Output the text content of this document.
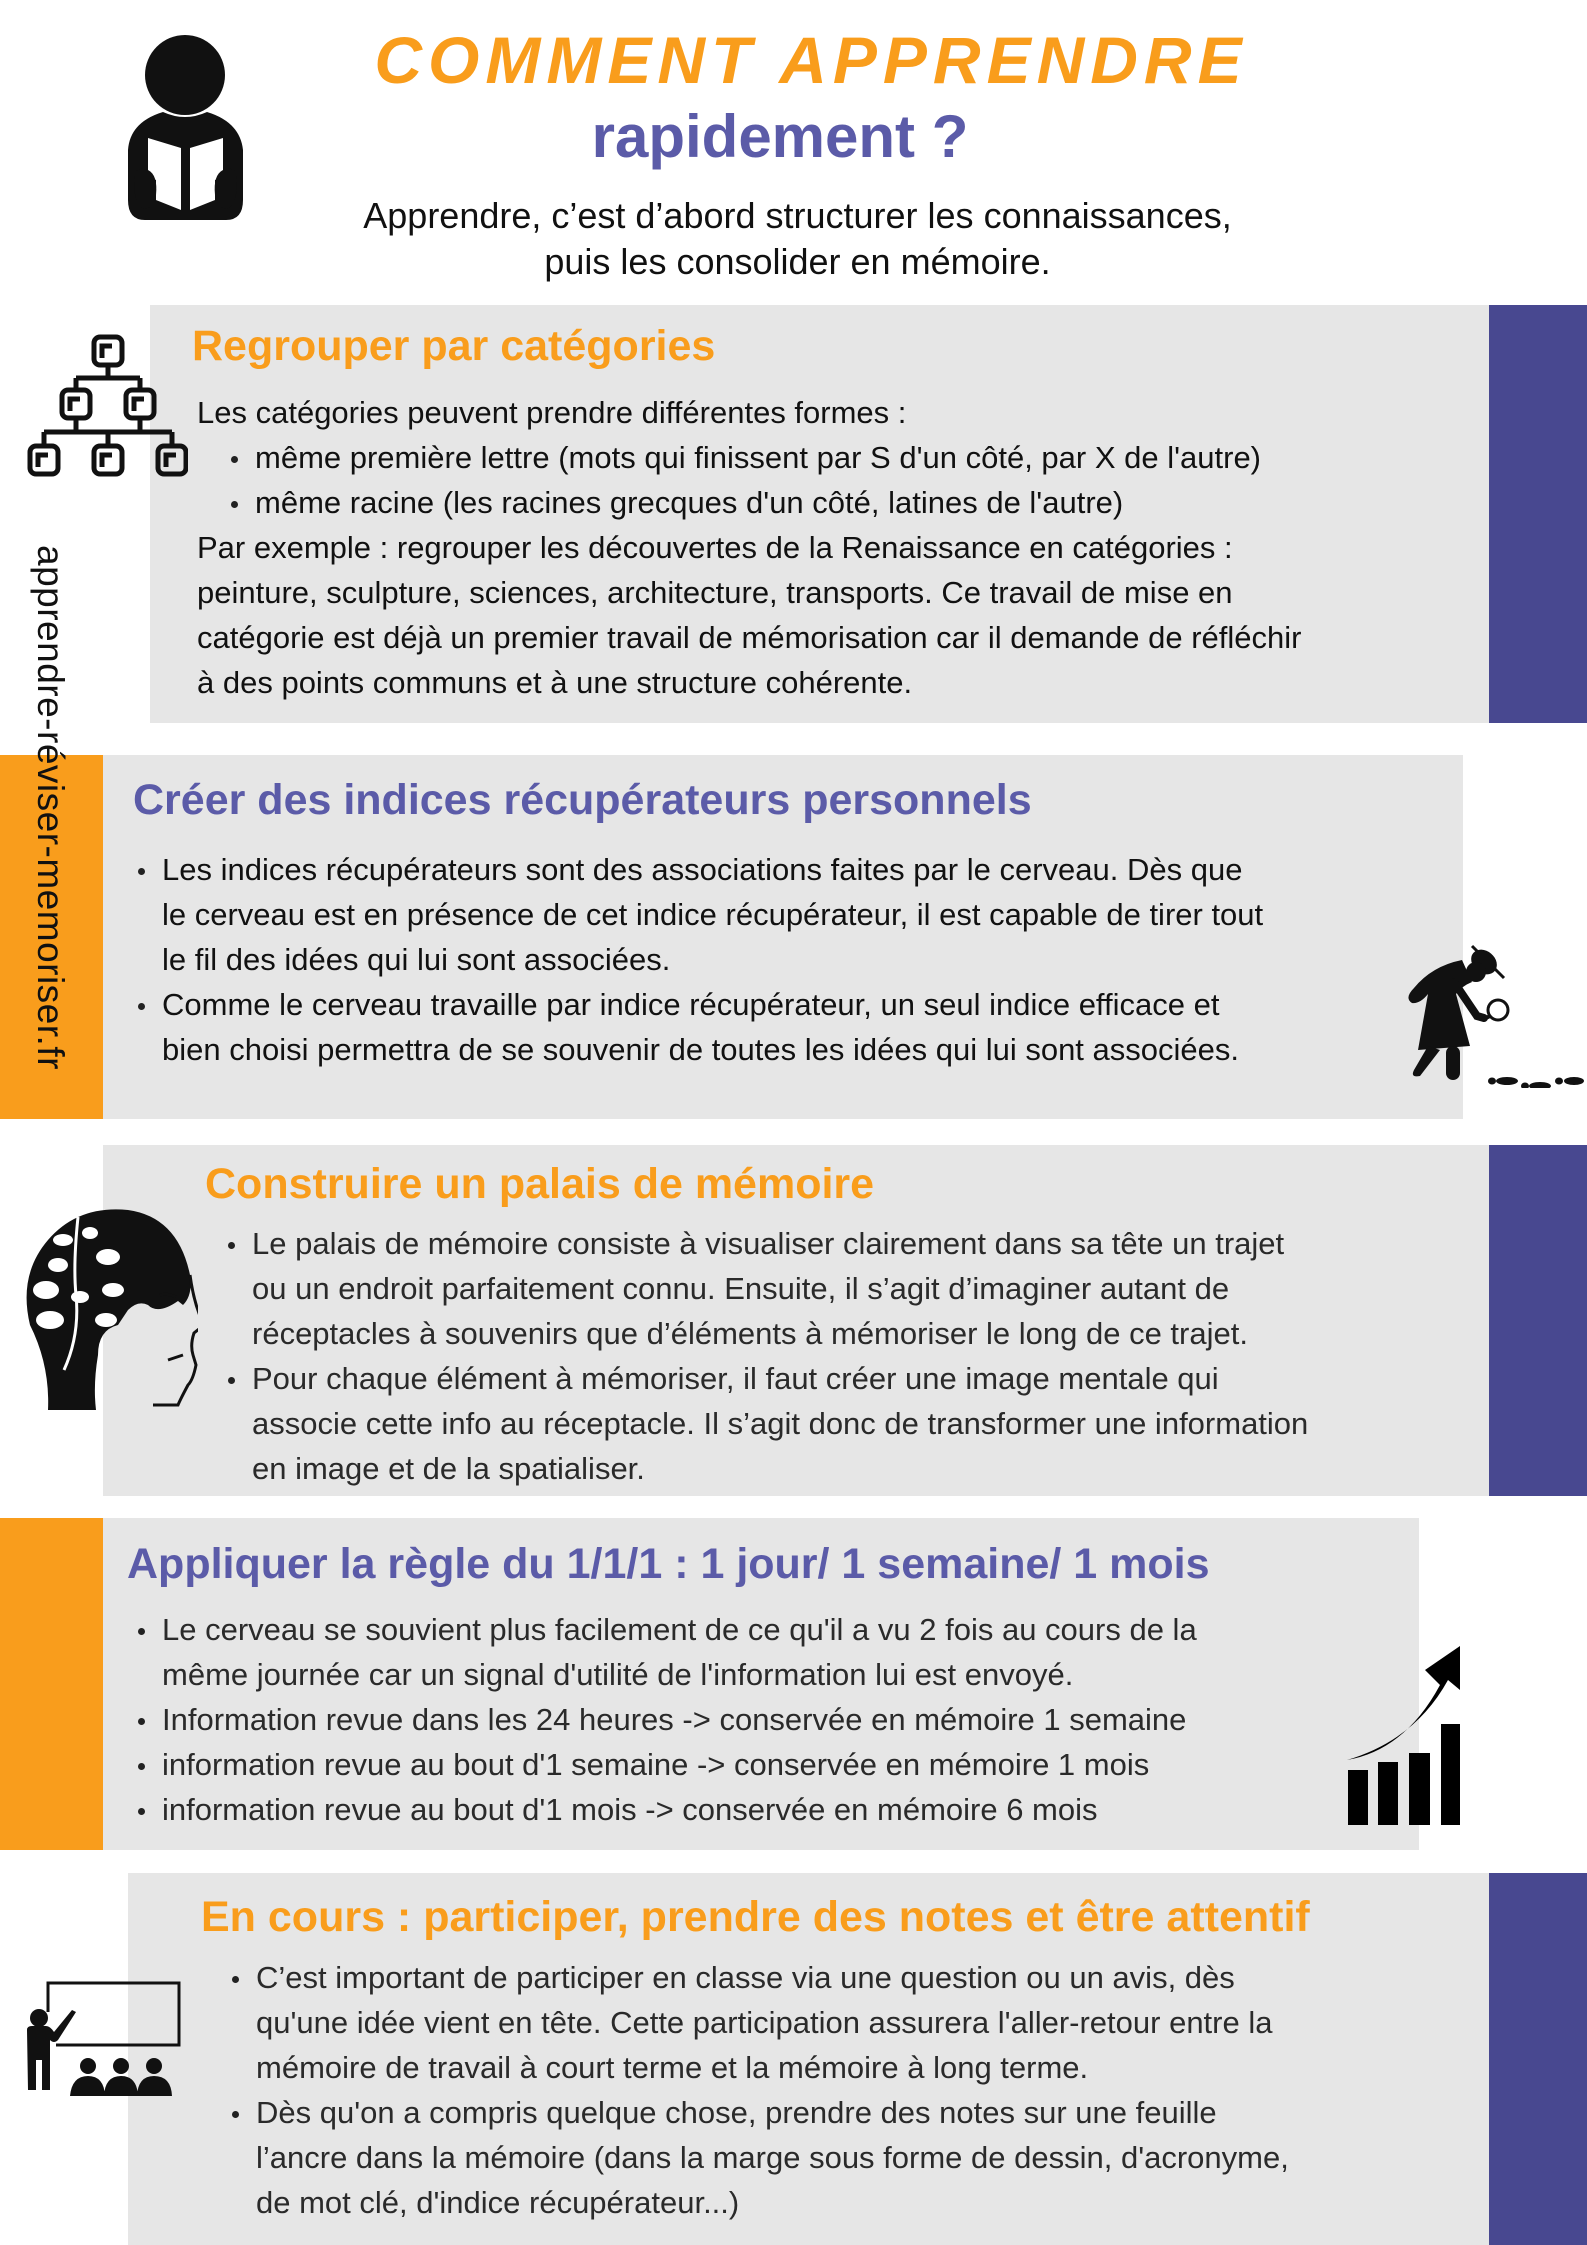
COMMENT APPRENDRE
rapidement ?
Apprendre, c’est d’abord structurer les connaissances,
puis les consolider en mémoire.
Regrouper par catégories
Les catégories peuvent prendre différentes formes :
même première lettre (mots qui finissent par S d'un côté, par X de l'autre)
même racine (les racines grecques d'un côté, latines de l'autre)
Par exemple : regrouper les découvertes de la Renaissance en catégories :
peinture, sculpture, sciences, architecture, transports. Ce travail de mise en
catégorie est déjà un premier travail de mémorisation car il demande de réfléchir
à des points communs et à une structure cohérente.
apprendre-réviser-memoriser.fr Créer des indices récupérateurs personnels
Les indices récupérateurs sont des associations faites par le cerveau. Dès que
le cerveau est en présence de cet indice récupérateur, il est capable de tirer tout
le fil des idées qui lui sont associées.
Comme le cerveau travaille par indice récupérateur, un seul indice efficace et
bien choisi permettra de se souvenir de toutes les idées qui lui sont associées.
Construire un palais de mémoire
Le palais de mémoire consiste à visualiser clairement dans sa tête un trajet
ou un endroit parfaitement connu. Ensuite, il s’agit d’imaginer autant de
réceptacles à souvenirs que d’éléments à mémoriser le long de ce trajet.
Pour chaque élément à mémoriser, il faut créer une image mentale qui
associe cette info au réceptacle. Il s’agit donc de transformer une information
en image et de la spatialiser.
Appliquer la règle du 1/1/1 : 1 jour/ 1 semaine/ 1 mois
Le cerveau se souvient plus facilement de ce qu'il a vu 2 fois au cours de la
même journée car un signal d'utilité de l'information lui est envoyé.
Information revue dans les 24 heures -> conservée en mémoire 1 semaine
information revue au bout d'1 semaine -> conservée en mémoire 1 mois
information revue au bout d'1 mois -> conservée en mémoire 6 mois
En cours : participer, prendre des notes et être attentif
C’est important de participer en classe via une question ou un avis, dès
qu'une idée vient en tête. Cette participation assurera l'aller-retour entre la
mémoire de travail à court terme et la mémoire à long terme.
Dès qu'on a compris quelque chose, prendre des notes sur une feuille
l’ancre dans la mémoire (dans la marge sous forme de dessin, d'acronyme,
de mot clé, d'indice récupérateur...)
